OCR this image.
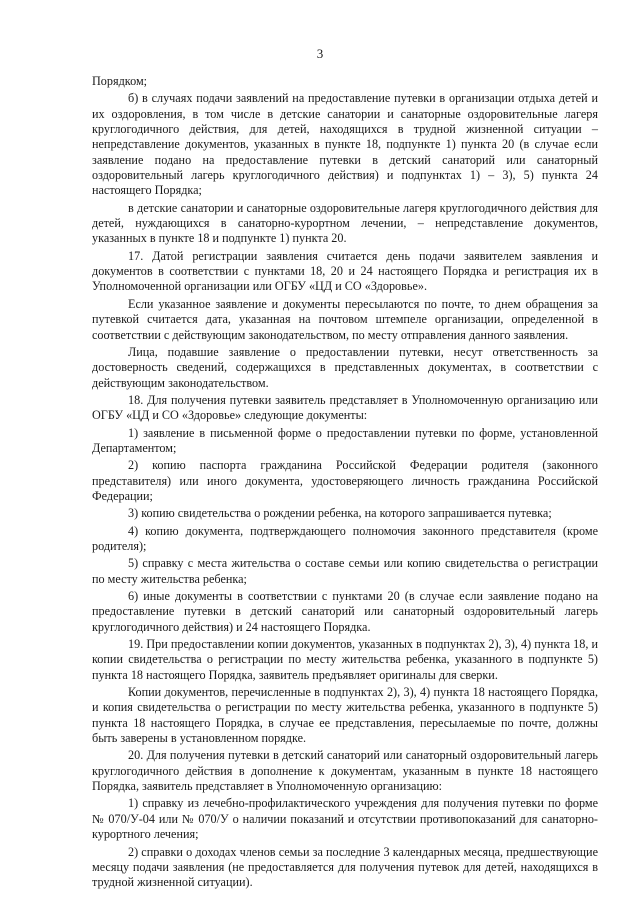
3

Порядком;

б) в случаях подачи заявлений на предоставление путевки в организации отдыха детей и их оздоровления, в том числе в детские санатории и санаторные оздоровительные лагеря круглогодичного действия, для детей, находящихся в трудной жизненной ситуации – непредставление документов, указанных в пункте 18, подпункте 1) пункта 20 (в случае если заявление подано на предоставление путевки в детский санаторий или санаторный оздоровительный лагерь круглогодичного действия) и подпунктах 1) – 3), 5) пункта 24 настоящего Порядка;

в детские санатории и санаторные оздоровительные лагеря круглогодичного действия для детей, нуждающихся в санаторно-курортном лечении, – непредставление документов, указанных в пункте 18 и подпункте 1) пункта 20.

17. Датой регистрации заявления считается день подачи заявителем заявления и документов в соответствии с пунктами 18, 20 и 24 настоящего Порядка и регистрация их в Уполномоченной организации или ОГБУ «ЦД и СО «Здоровье».

Если указанное заявление и документы пересылаются по почте, то днем обращения за путевкой считается дата, указанная на почтовом штемпеле организации, определенной в соответствии с действующим законодательством, по месту отправления данного заявления.

Лица, подавшие заявление о предоставлении путевки, несут ответственность за достоверность сведений, содержащихся в представленных документах, в соответствии с действующим законодательством.

18. Для получения путевки заявитель представляет в Уполномоченную организацию или ОГБУ «ЦД и СО «Здоровье» следующие документы:

1) заявление в письменной форме о предоставлении путевки по форме, установленной Департаментом;

2) копию паспорта гражданина Российской Федерации родителя (законного представителя) или иного документа, удостоверяющего личность гражданина Российской Федерации;

3) копию свидетельства о рождении ребенка, на которого запрашивается путевка;

4) копию документа, подтверждающего полномочия законного представителя (кроме родителя);

5) справку с места жительства о составе семьи или копию свидетельства о регистрации по месту жительства ребенка;

6) иные документы в соответствии с пунктами 20 (в случае если заявление подано на предоставление путевки в детский санаторий или санаторный оздоровительный лагерь круглогодичного действия) и 24 настоящего Порядка.

19. При предоставлении копии документов, указанных в подпунктах 2), 3), 4) пункта 18, и копии свидетельства о регистрации по месту жительства ребенка, указанного в подпункте 5) пункта 18 настоящего Порядка, заявитель предъявляет оригиналы для сверки.

Копии документов, перечисленные в подпунктах 2), 3), 4) пункта 18 настоящего Порядка, и копия свидетельства о регистрации по месту жительства ребенка, указанного в подпункте 5) пункта 18 настоящего Порядка, в случае ее представления, пересылаемые по почте, должны быть заверены в установленном порядке.

20. Для получения путевки в детский санаторий или санаторный оздоровительный лагерь круглогодичного действия в дополнение к документам, указанным в пункте 18 настоящего Порядка, заявитель представляет в Уполномоченную организацию:

1) справку из лечебно-профилактического учреждения для получения путевки по форме № 070/У-04 или № 070/У о наличии показаний и отсутствии противопоказаний для санаторно-курортного лечения;

2) справки о доходах членов семьи за последние 3 календарных месяца, предшествующие месяцу подачи заявления (не предоставляется для получения путевок для детей, находящихся в трудной жизненной ситуации).
